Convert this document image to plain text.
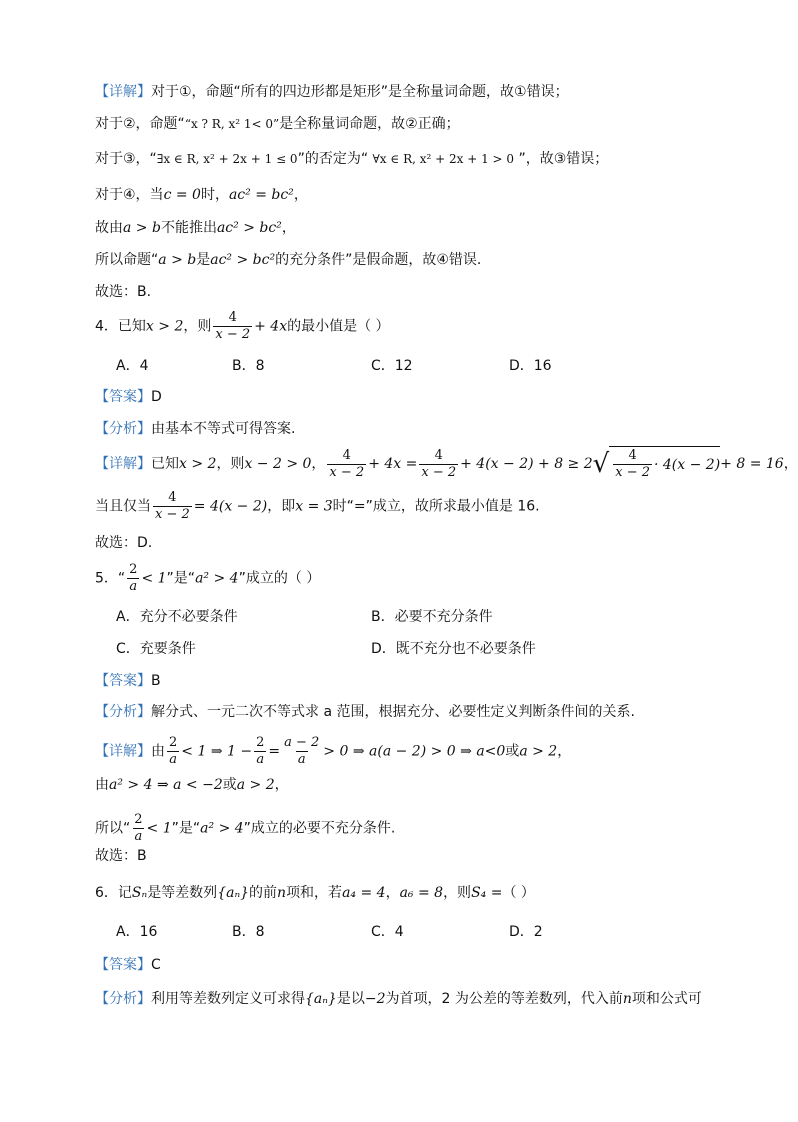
【详解】对于①，命题“所有的四边形都是矩形”是全称量词命题，故①错误；
对于②，命题““x ? R, x² 1< 0”是全称量词命题，故②正确；
对于③，“∃x ∈ R, x² + 2x + 1 ≤ 0”的否定为“ ∀x ∈ R, x² + 2x + 1 > 0 ”，故③错误；
对于④，当c = 0时，ac² = bc²，
故由a > b不能推出ac² > bc²，
所以命题“a > b是ac² > bc²的充分条件”是假命题，故④错误.
故选：B.
4．已知x > 2，则 $\frac{4}{x - 2} + 4x$的最小值是（ ）
A．4	B．8	C．12	D．16
【答案】D
【分析】由基本不等式可得答案.
【详解】已知x > 2，则x − 2 > 0， $\frac{4}{x - 2} + 4x = \frac{4}{x - 2} + 4(x - 2) + 8 \ge 2$ √ $\frac{4}{x - 2} \cdot 4(x - 2) + 8 = 16$，
当且仅当 $\frac{4}{x - 2} = 4(x - 2)$，即x = 3时“=”成立，故所求最小值是 16.
故选：D.
5．“ $\frac{2}{a} < 1$”是“a² > 4”成立的（ ）
A．充分不必要条件	B．必要不充分条件
C．充要条件	D．既不充分也不必要条件
【答案】B
【分析】解分式、一元二次不等式求 a 范围，根据充分、必要性定义判断条件间的关系.
【详解】由 $\frac{2}{a} < 1$ ⇒ $1 - \frac{2}{a} = \frac{a - 2}{a} > 0$ ⇒ a(a − 2) > 0 ⇒ a<0或a > 2，
由a² > 4 ⇒ a < −2或a > 2，
所以“ $\frac{2}{a} < 1$”是“a² > 4”成立的必要不充分条件.
故选：B
6．记Sₙ是等差数列{aₙ}的前n项和，若a₄ = 4，a₆ = 8，则S₄ =（ ）
A．16	B．8	C．4	D．2
【答案】C
【分析】利用等差数列定义可求得{aₙ}是以−2为首项，2 为公差的等差数列，代入前n项和公式可
